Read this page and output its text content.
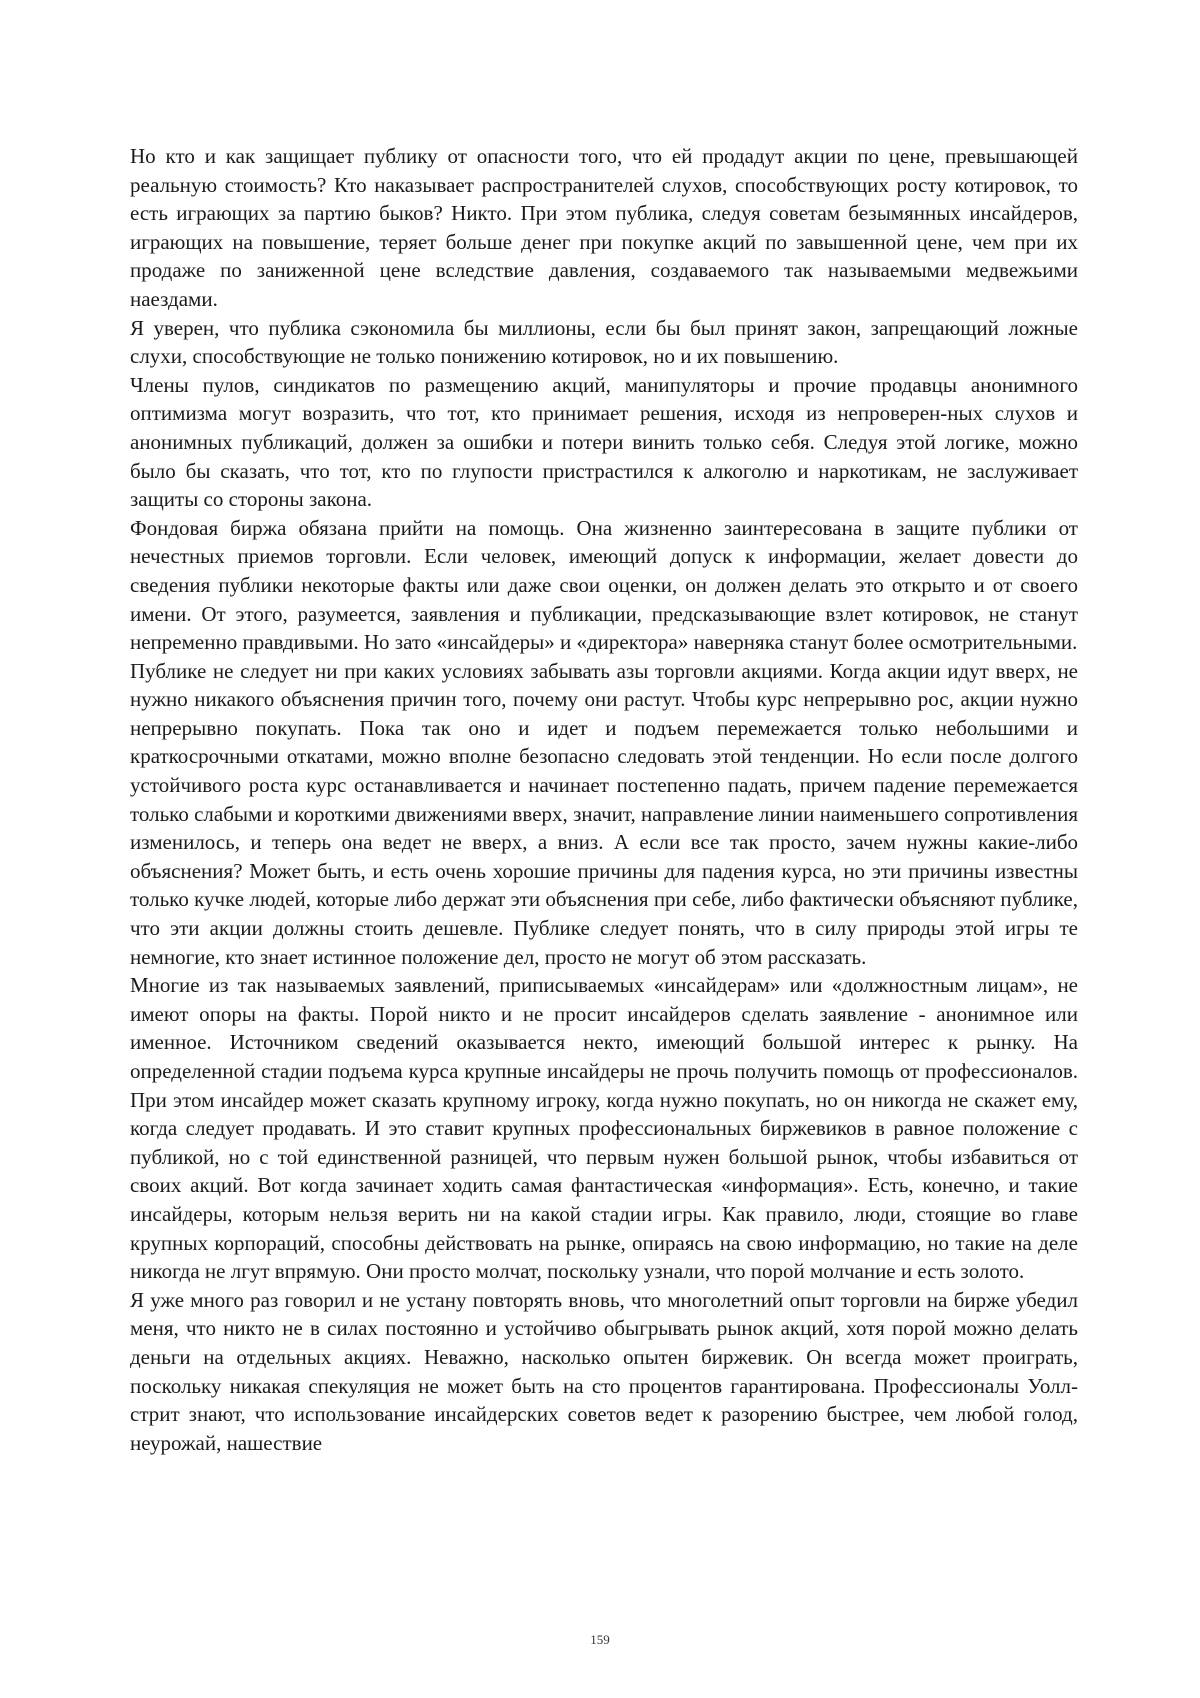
Но кто и как защищает публику от опасности того, что ей продадут акции по цене, превышающей реальную стоимость? Кто наказывает распространителей слухов, способствующих росту котировок, то есть играющих за партию быков? Никто. При этом публика, следуя советам безымянных инсайдеров, играющих на повышение, теряет больше денег при покупке акций по завышенной цене, чем при их продаже по заниженной цене вследствие давления, создаваемого так называемыми медвежьими наездами.

Я уверен, что публика сэкономила бы миллионы, если бы был принят закон, запрещающий ложные слухи, способствующие не только понижению котировок, но и их повышению.

Члены пулов, синдикатов по размещению акций, манипуляторы и прочие продавцы анонимного оптимизма могут возразить, что тот, кто принимает решения, исходя из непроверен-ных слухов и анонимных публикаций, должен за ошибки и потери винить только себя. Следуя этой логике, можно было бы сказать, что тот, кто по глупости пристрастился к алкоголю и наркотикам, не заслуживает защиты со стороны закона.

Фондовая биржа обязана прийти на помощь. Она жизненно заинтересована в защите публики от нечестных приемов торговли. Если человек, имеющий допуск к информации, желает довести до сведения публики некоторые факты или даже свои оценки, он должен делать это открыто и от своего имени. От этого, разумеется, заявления и публикации, предсказывающие взлет котировок, не станут непременно правдивыми. Но зато «инсайдеры» и «директора» наверняка станут более осмотрительными.

Публике не следует ни при каких условиях забывать азы торговли акциями. Когда акции идут вверх, не нужно никакого объяснения причин того, почему они растут. Чтобы курс непрерывно рос, акции нужно непрерывно покупать. Пока так оно и идет и подъем перемежается только небольшими и краткосрочными откатами, можно вполне безопасно следовать этой тенденции. Но если после долгого устойчивого роста курс останавливается и начинает постепенно падать, причем падение перемежается только слабыми и короткими движениями вверх, значит, направление линии наименьшего сопротивления изменилось, и теперь она ведет не вверх, а вниз. А если все так просто, зачем нужны какие-либо объяснения? Может быть, и есть очень хорошие причины для падения курса, но эти причины известны только кучке людей, которые либо держат эти объяснения при себе, либо фактически объясняют публике, что эти акции должны стоить дешевле. Публике следует понять, что в силу природы этой игры те немногие, кто знает истинное положение дел, просто не могут об этом рассказать.

Многие из так называемых заявлений, приписываемых «инсайдерам» или «должностным лицам», не имеют опоры на факты. Порой никто и не просит инсайдеров сделать заявление - анонимное или именное. Источником сведений оказывается некто, имеющий большой интерес к рынку. На определенной стадии подъема курса крупные инсайдеры не прочь получить помощь от профессионалов. При этом инсайдер может сказать крупному игроку, когда нужно покупать, но он никогда не скажет ему, когда следует продавать. И это ставит крупных профессиональных биржевиков в равное положение с публикой, но с той единственной разницей, что первым нужен большой рынок, чтобы избавиться от своих акций. Вот когда зачинает ходить самая фантастическая «информация». Есть, конечно, и такие инсайдеры, которым нельзя верить ни на какой стадии игры. Как правило, люди, стоящие во главе крупных корпораций, способны действовать на рынке, опираясь на свою информацию, но такие на деле никогда не лгут впрямую. Они просто молчат, поскольку узнали, что порой молчание и есть золото.

Я уже много раз говорил и не устану повторять вновь, что многолетний опыт торговли на бирже убедил меня, что никто не в силах постоянно и устойчиво обыгрывать рынок акций, хотя порой можно делать деньги на отдельных акциях. Неважно, насколько опытен биржевик. Он всегда может проиграть, поскольку никакая спекуляция не может быть на сто процентов гарантирована. Профессионалы Уолл-стрит знают, что использование инсайдерских советов ведет к разорению быстрее, чем любой голод, неурожай, нашествие

159
